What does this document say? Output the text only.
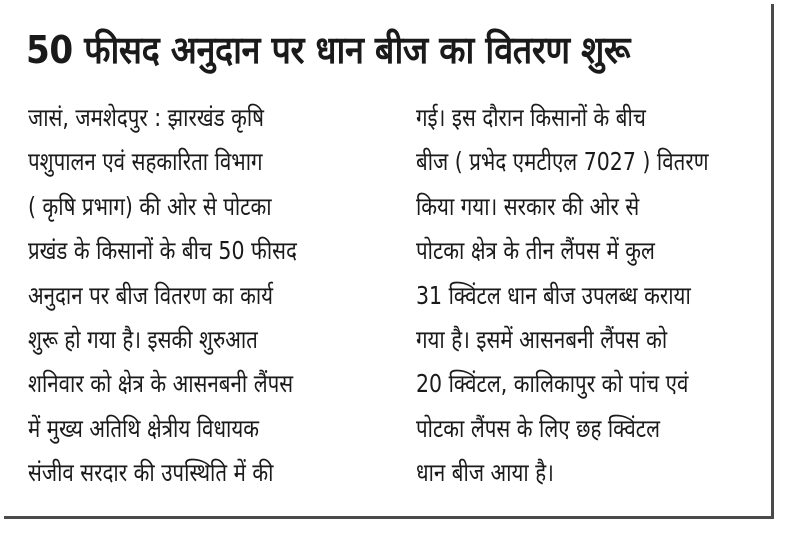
50 फीसद अनुदान पर धान बीज का वितरण शुरू
जासं, जमशेदपुर : झारखंड कृषि
पशुपालन एवं सहकारिता विभाग
( कृषि प्रभाग) की ओर से पोटका
प्रखंड के किसानों के बीच 50 फीसद
अनुदान पर बीज वितरण का कार्य
शुरू हो गया है। इसकी शुरुआत
शनिवार को क्षेत्र के आसनबनी लैंपस
में मुख्य अतिथि क्षेत्रीय विधायक
संजीव सरदार की उपस्थिति में की
गई। इस दौरान किसानों के बीच
बीज ( प्रभेद एमटीएल 7027 ) वितरण
किया गया। सरकार की ओर से
पोटका क्षेत्र के तीन लैंपस में कुल
31 क्विंटल धान बीज उपलब्ध कराया
गया है। इसमें आसनबनी लैंपस को
20 क्विंटल, कालिकापुर को पांच एवं
पोटका लैंपस के लिए छह क्विंटल
धान बीज आया है।
